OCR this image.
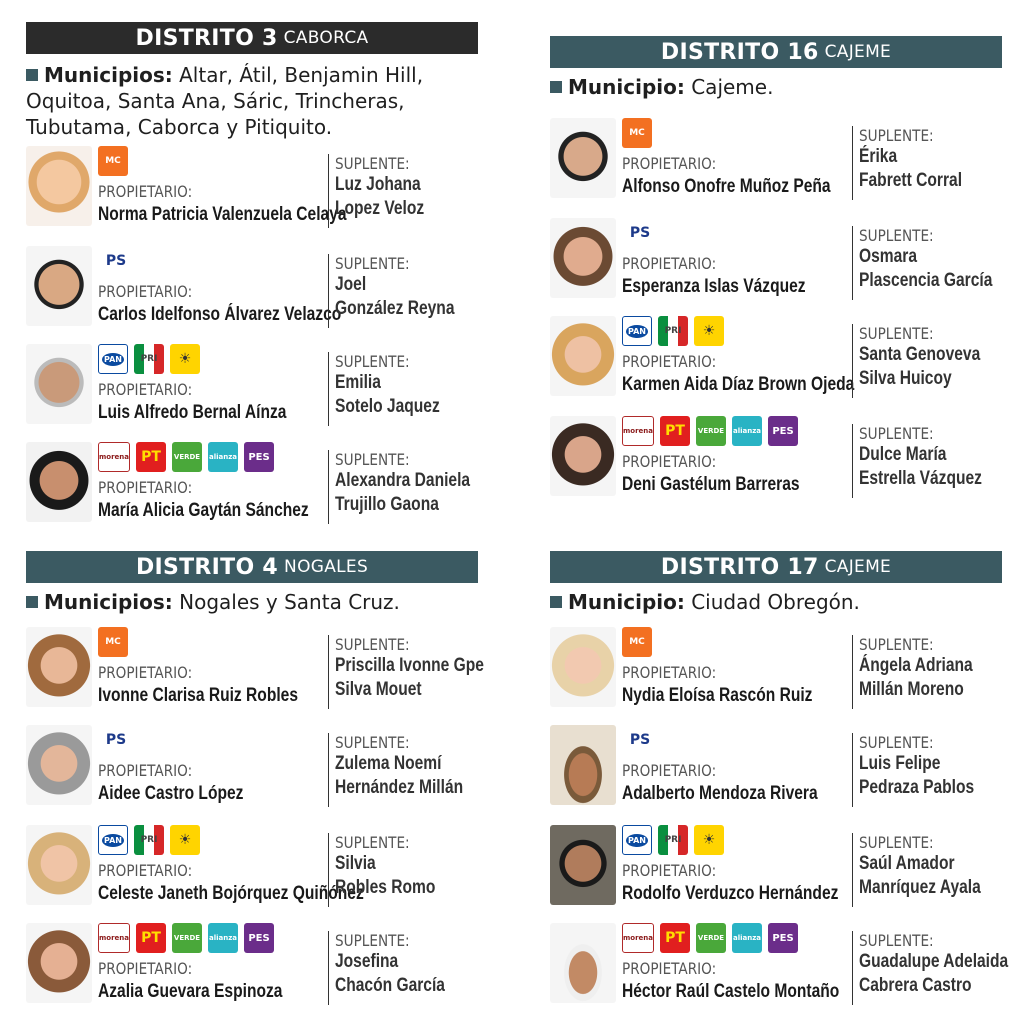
DISTRITO 3 CABORCA
Municipios: Altar, Átil, Benjamin Hill, Oquitoa, Santa Ana, Sáric, Trincheras, Tubutama, Caborca y Pitiquito.
MC
PROPIETARIO:
Norma Patricia Valenzuela Celaya
SUPLENTE:
Luz Johana
Lopez Veloz
PS
PROPIETARIO:
Carlos Idelfonso Álvarez Velazco
SUPLENTE:
Joel
González Reyna
PAN	PRI	☀
PROPIETARIO:
Luis Alfredo Bernal Aínza
SUPLENTE:
Emilia
Sotelo Jaquez
morena PT	VERDE alianza	PES
PROPIETARIO:
María Alicia Gaytán Sánchez
SUPLENTE:
Alexandra Daniela
Trujillo Gaona
DISTRITO 16 CAJEME
Municipio: Cajeme.
MC
PROPIETARIO:
Alfonso Onofre Muñoz Peña
SUPLENTE:
Érika
Fabrett Corral
PS
PROPIETARIO:
Esperanza Islas Vázquez
SUPLENTE:
Osmara
Plascencia García
PAN	PRI	☀
PROPIETARIO:
Karmen Aida Díaz Brown Ojeda
SUPLENTE:
Santa Genoveva
Silva Huicoy
morena PT	VERDE alianza	PES
PROPIETARIO:
Deni Gastélum Barreras
SUPLENTE:
Dulce María
Estrella Vázquez
DISTRITO 4 NOGALES
Municipios: Nogales y Santa Cruz.
MC
PROPIETARIO:
Ivonne Clarisa Ruiz Robles
SUPLENTE:
Priscilla Ivonne Gpe
Silva Mouet
PS
PROPIETARIO:
Aidee Castro López
SUPLENTE:
Zulema Noemí
Hernández Millán
PAN	PRI	☀
PROPIETARIO:
Celeste Janeth Bojórquez Quiñónez
SUPLENTE:
Silvia
Robles Romo
morena PT	VERDE alianza	PES
PROPIETARIO:
Azalia Guevara Espinoza
SUPLENTE:
Josefina
Chacón García
DISTRITO 17 CAJEME
Municipio: Ciudad Obregón.
MC
PROPIETARIO:
Nydia Eloísa Rascón Ruiz
SUPLENTE:
Ángela Adriana
Millán Moreno
PS
PROPIETARIO:
Adalberto Mendoza Rivera
SUPLENTE:
Luis Felipe
Pedraza Pablos
PAN	PRI	☀
PROPIETARIO:
Rodolfo Verduzco Hernández
SUPLENTE:
Saúl Amador
Manríquez Ayala
morena PT	VERDE alianza	PES
PROPIETARIO:
Héctor Raúl Castelo Montaño
SUPLENTE:
Guadalupe Adelaida
Cabrera Castro
